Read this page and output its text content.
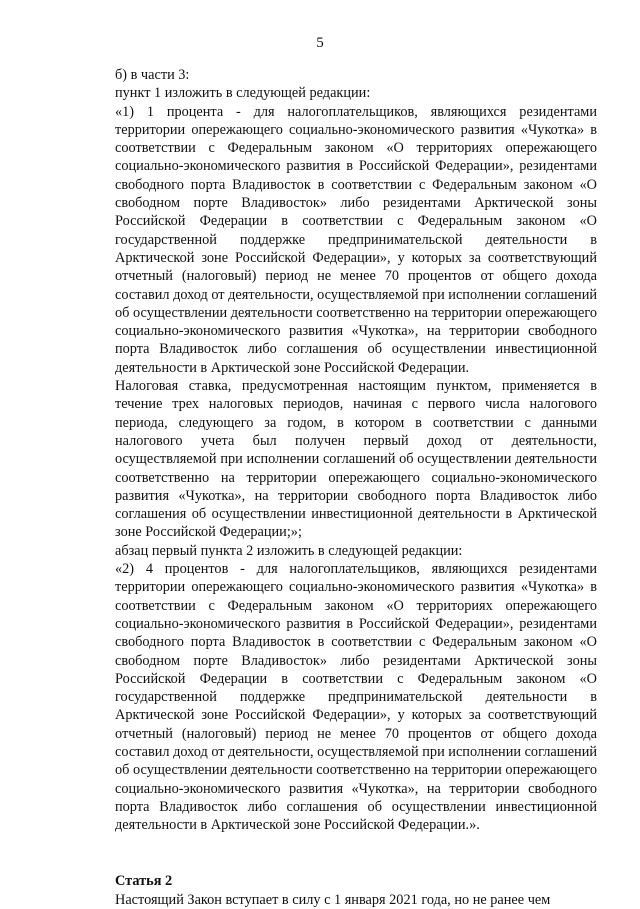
5

б) в части 3:

пункт 1 изложить в следующей редакции:

«1) 1 процента - для налогоплательщиков, являющихся резидентами территории опережающего социально-экономического развития «Чукотка» в соответствии с Федеральным законом «О территориях опережающего социально-экономического развития в Российской Федерации», резидентами свободного порта Владивосток в соответствии с Федеральным законом «О свободном порте Владивосток» либо резидентами Арктической зоны Российской Федерации в соответствии с Федеральным законом «О государственной поддержке предпринимательской деятельности в Арктической зоне Российской Федерации», у которых за соответствующий отчетный (налоговый) период не менее 70 процентов от общего дохода составил доход от деятельности, осуществляемой при исполнении соглашений об осуществлении деятельности соответственно на территории опережающего социально-экономического развития «Чукотка», на территории свободного порта Владивосток либо соглашения об осуществлении инвестиционной деятельности в Арктической зоне Российской Федерации.

Налоговая ставка, предусмотренная настоящим пунктом, применяется в течение трех налоговых периодов, начиная с первого числа налогового периода, следующего за годом, в котором в соответствии с данными налогового учета был получен первый доход от деятельности, осуществляемой при исполнении соглашений об осуществлении деятельности соответственно на территории опережающего социально-экономического развития «Чукотка», на территории свободного порта Владивосток либо соглашения об осуществлении инвестиционной деятельности в Арктической зоне Российской Федерации;»;

абзац первый пункта 2 изложить в следующей редакции:

«2) 4 процентов - для налогоплательщиков, являющихся резидентами территории опережающего социально-экономического развития «Чукотка» в соответствии с Федеральным законом «О территориях опережающего социально-экономического развития в Российской Федерации», резидентами свободного порта Владивосток в соответствии с Федеральным законом «О свободном порте Владивосток» либо резидентами Арктической зоны Российской Федерации в соответствии с Федеральным законом «О государственной поддержке предпринимательской деятельности в Арктической зоне Российской Федерации», у которых за соответствующий отчетный (налоговый) период не менее 70 процентов от общего дохода составил доход от деятельности, осуществляемой при исполнении соглашений об осуществлении деятельности соответственно на территории опережающего социально-экономического развития «Чукотка», на территории свободного порта Владивосток либо соглашения об осуществлении инвестиционной деятельности в Арктической зоне Российской Федерации.».

Статья 2

Настоящий Закон вступает в силу с 1 января 2021 года, но не ранее чем
